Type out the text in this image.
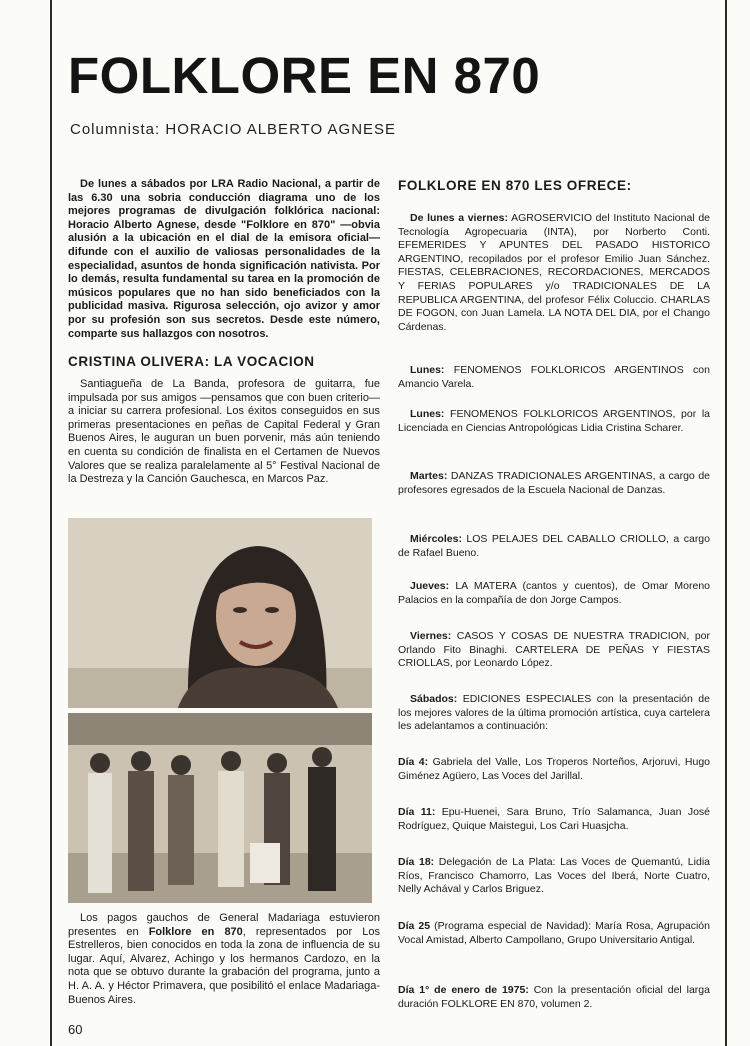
FOLKLORE EN 870
Columnista: HORACIO ALBERTO AGNESE

De lunes a sábados por LRA Radio Nacional, a partir de las 6.30 una sobria conducción diagrama uno de los mejores programas de divulgación folklórica nacional: Horacio Alberto Agnese, desde "Folklore en 870" —obvia alusión a la ubicación en el dial de la emisora oficial— difunde con el auxilio de valiosas personalidades de la especialidad, asuntos de honda significación nativista. Por lo demás, resulta fundamental su tarea en la promoción de músicos populares que no han sido beneficiados con la publicidad masiva. Rigurosa selección, ojo avizor y amor por su profesión son sus secretos. Desde este número, comparte sus hallazgos con nosotros.

CRISTINA OLIVERA: LA VOCACION

Santiagueña de La Banda, profesora de guitarra, fue impulsada por sus amigos —pensamos que con buen criterio— a iniciar su carrera profesional. Los éxitos conseguidos en sus primeras presentaciones en peñas de Capital Federal y Gran Buenos Aires, le auguran un buen porvenir, más aún teniendo en cuenta su condición de finalista en el Certamen de Nuevos Valores que se realiza paralelamente al 5° Festival Nacional de la Destreza y la Canción Gauchesca, en Marcos Paz.

Los pagos gauchos de General Madariaga estuvieron presentes en Folklore en 870, representados por Los Estrelleros, bien conocidos en toda la zona de influencia de su lugar. Aquí, Alvarez, Achingo y los hermanos Cardozo, en la nota que se obtuvo durante la grabación del programa, junto a H. A. A. y Héctor Primavera, que posibilitó el enlace Madariaga-Buenos Aires.

60
FOLKLORE EN 870 LES OFRECE:

De lunes a viernes: AGROSERVICIO del Instituto Nacional de Tecnología Agropecuaria (INTA), por Norberto Conti. EFEMERIDES Y APUNTES DEL PASADO HISTORICO ARGENTINO, recopilados por el profesor Emilio Juan Sánchez. FIESTAS, CELEBRACIONES, RECORDACIONES, MERCADOS Y FERIAS POPULARES y/o TRADICIONALES DE LA REPUBLICA ARGENTINA, del profesor Félix Coluccio. CHARLAS DE FOGON, con Juan Lamela. LA NOTA DEL DIA, por el Chango Cárdenas.

Lunes: FENOMENOS FOLKLORICOS ARGENTINOS con Amancio Varela.

Lunes: FENOMENOS FOLKLORICOS ARGENTINOS, por la Licenciada en Ciencias Antropológicas Lidia Cristina Scharer.

Martes: DANZAS TRADICIONALES ARGENTINAS, a cargo de profesores egresados de la Escuela Nacional de Danzas.

Miércoles: LOS PELAJES DEL CABALLO CRIOLLO, a cargo de Rafael Bueno.

Jueves: LA MATERA (cantos y cuentos), de Omar Moreno Palacios en la compañía de don Jorge Campos.

Viernes: CASOS Y COSAS DE NUESTRA TRADICION, por Orlando Fito Binaghi. CARTELERA DE PEÑAS Y FIESTAS CRIOLLAS, por Leonardo López.

Sábados: EDICIONES ESPECIALES con la presentación de los mejores valores de la última promoción artística, cuya cartelera les adelantamos a continuación:

Día 4: Gabriela del Valle, Los Troperos Norteños, Arjoruvi, Hugo Giménez Agüero, Las Voces del Jarillal.

Día 11: Epu-Huenei, Sara Bruno, Trío Salamanca, Juan José Rodríguez, Quique Maistegui, Los Cari Huasjcha.

Día 18: Delegación de La Plata: Las Voces de Quemantú, Lidia Ríos, Francisco Chamorro, Las Voces del Iberá, Norte Cuatro, Nelly Achával y Carlos Briguez.

Día 25 (Programa especial de Navidad): María Rosa, Agrupación Vocal Amistad, Alberto Campollano, Grupo Universitario Antigal.

Día 1° de enero de 1975: Con la presentación oficial del larga duración FOLKLORE EN 870, volumen 2.
